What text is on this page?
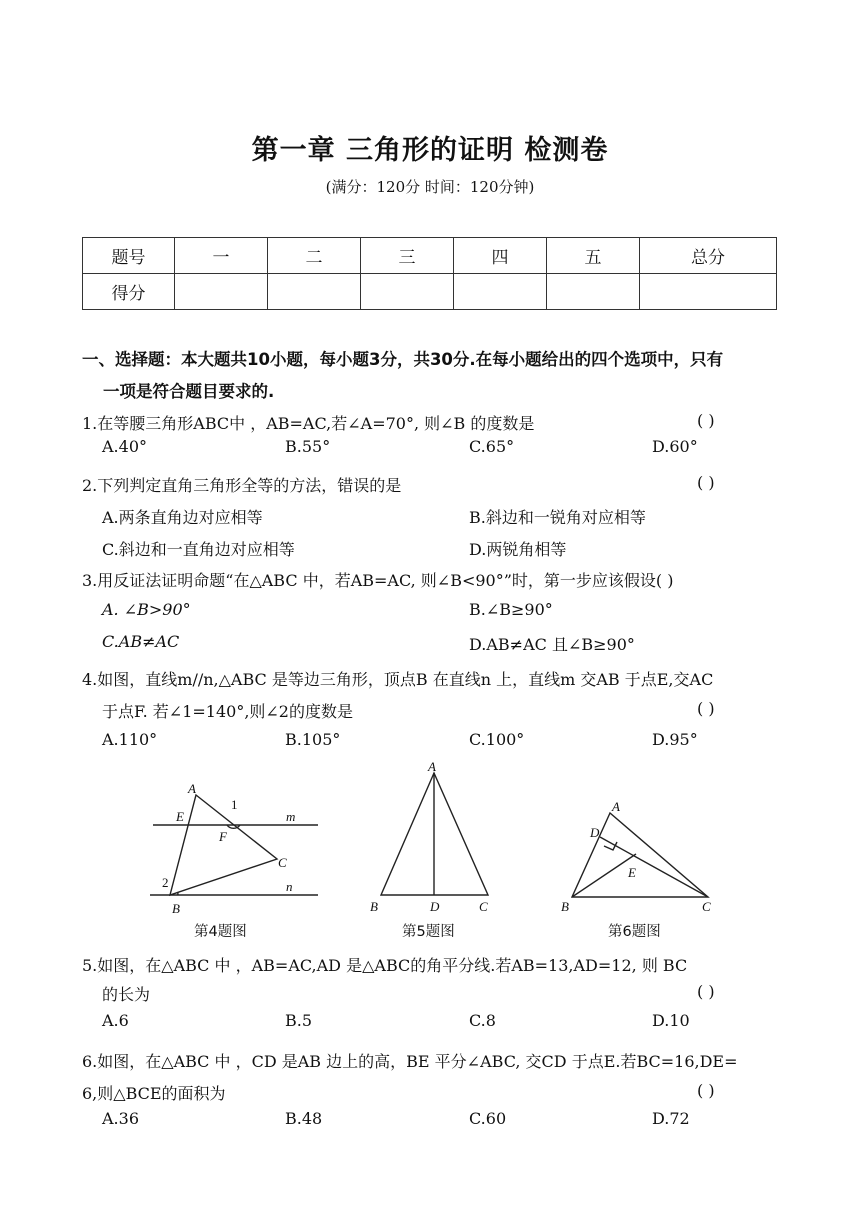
第一章 三角形的证明 检测卷
(满分：120分 时间：120分钟)
题号	一	二	三	四	五	总分
得分						
一、选择题：本大题共10小题，每小题3分，共30分.在每小题给出的四个选项中，只有
一项是符合题目要求的.
1.在等腰三角形ABC中 ，AB=AC,若∠A=70°, 则∠B 的度数是	( )
A.40°	B.55°	C.65°	D.60°
2.下列判定直角三角形全等的方法，错误的是	( )
A.两条直角边对应相等	B.斜边和一锐角对应相等
C.斜边和一直角边对应相等	D.两锐角相等
3.用反证法证明命题“在△ABC 中，若AB=AC, 则∠B<90°”时，第一步应该假设( )
A. ∠B>90°	B.∠B≥90°
C.AB≠AC	D.AB≠AC 且∠B≥90°
4.如图，直线m//n,△ABC 是等边三角形，顶点B 在直线n 上，直线m 交AB 于点E,交AC
于点F. 若∠1=140°,则∠2的度数是	( )
A.110°	B.105°	C.100°	D.95°
A
E
F
C
B
1
2
m
n
A
B	D	C
A
D
E
B	C
第4题图	第5题图	第6题图
5.如图，在△ABC 中 ，AB=AC,AD 是△ABC的角平分线.若AB=13,AD=12, 则 BC
的长为	( )
A.6	B.5	C.8	D.10
6.如图，在△ABC 中 ，CD 是AB 边上的高，BE 平分∠ABC, 交CD 于点E.若BC=16,DE=
6,则△BCE的面积为	( )
A.36	B.48	C.60	D.72
